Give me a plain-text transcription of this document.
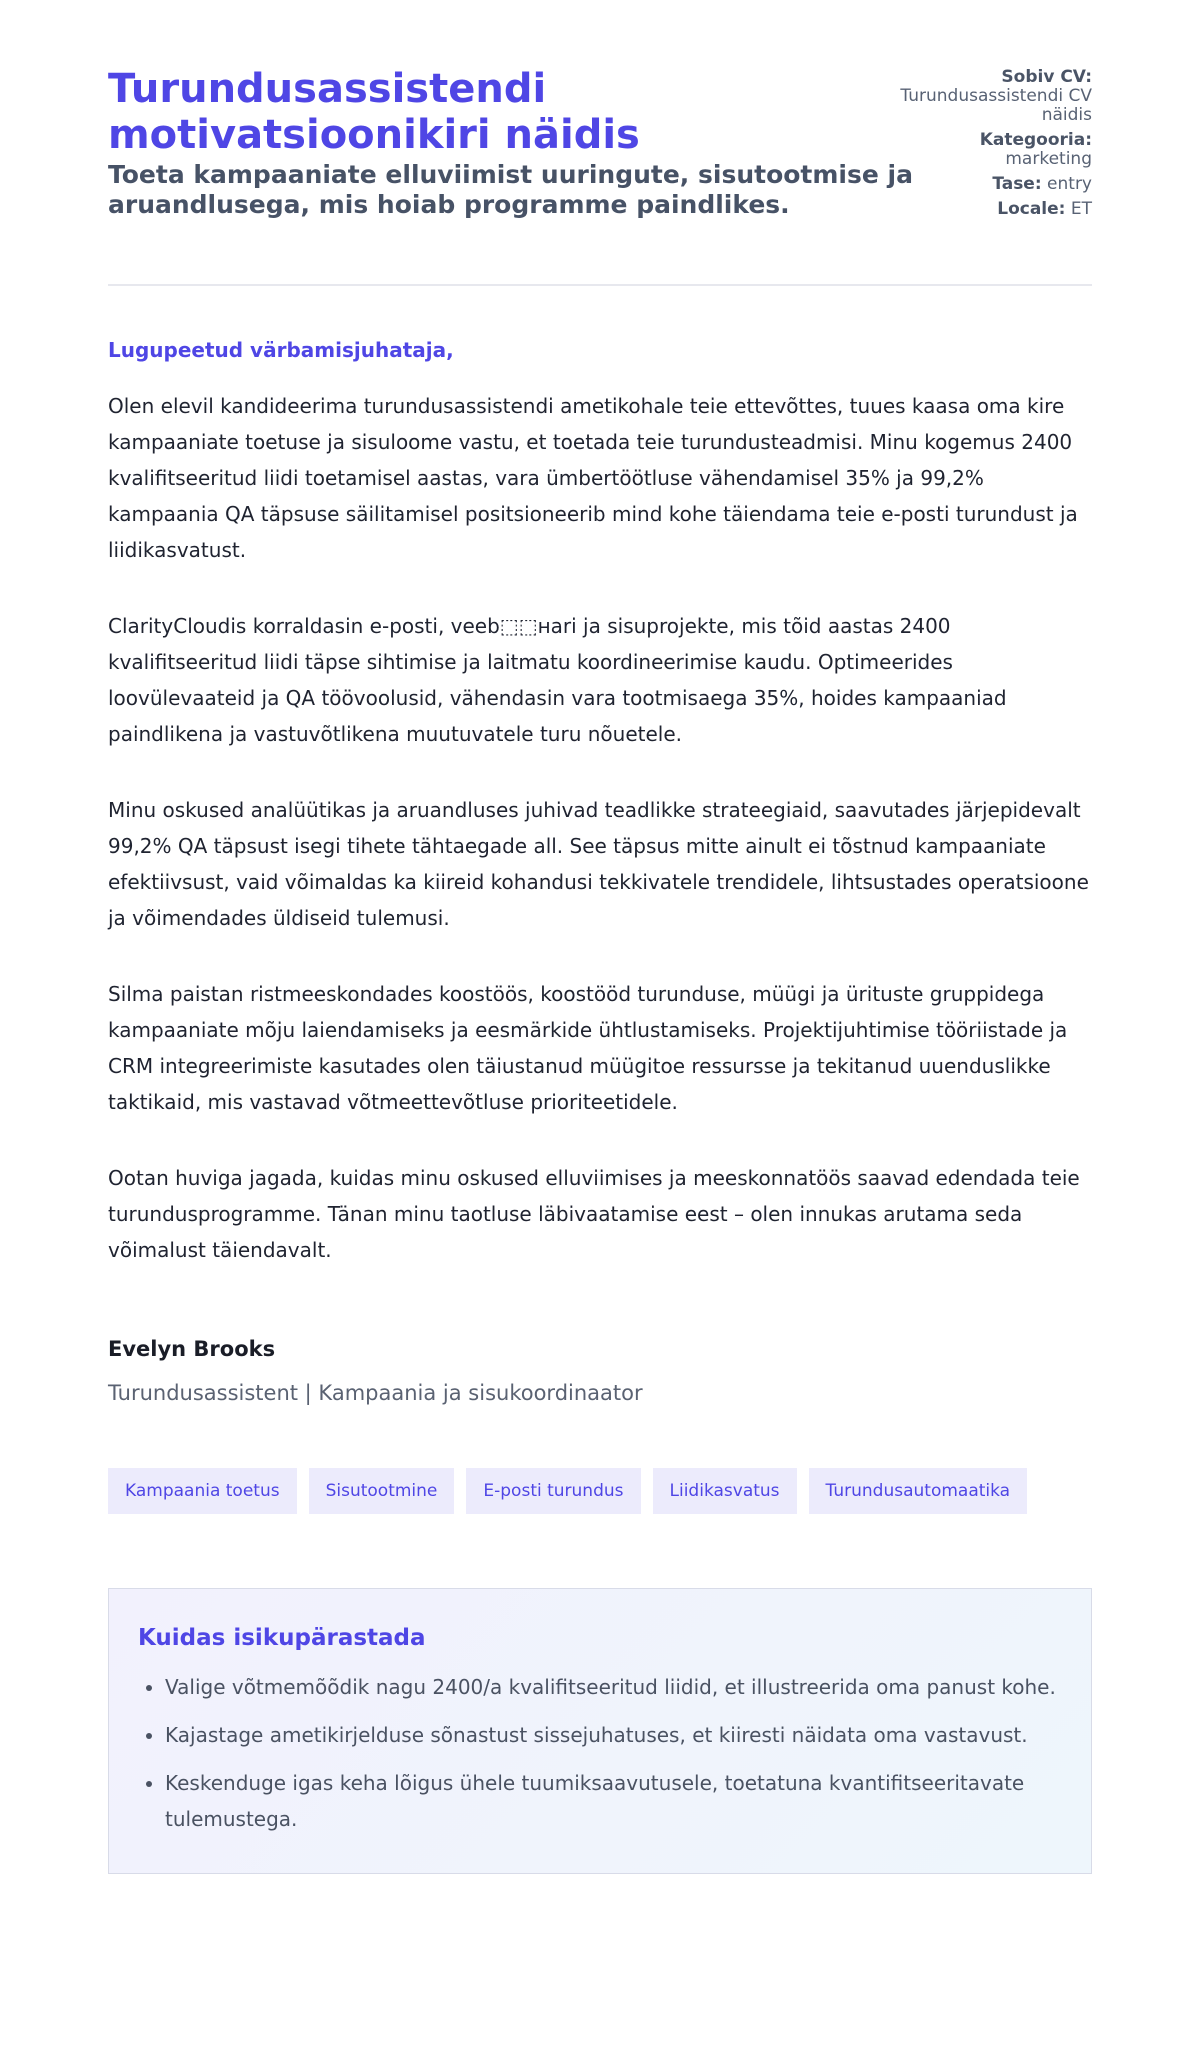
Turundusassistendi motivatsioonikiri näidis
Toeta kampaaniate elluviimist uuringute, sisutootmise ja aruandlusega, mis hoiab programme paindlikes.
Sobiv CV:
Turundusassistendi CV näidis
Kategooria:
marketing
Tase: entry
Locale: ET

Lugupeetud värbamisjuhataja,

Olen elevil kandideerima turundusassistendi ametikohale teie ettevõttes, tuues kaasa oma kire kampaaniate toetuse ja sisuloome vastu, et toetada teie turundusteadmisi. Minu kogemus 2400 kvalifitseeritud liidi toetamisel aastas, vara ümbertöötluse vähendamisel 35% ja 99,2% kampaania QA täpsuse säilitamisel positsioneerib mind kohe täiendama teie e-posti turundust ja liidikasvatust.

ClarityCloudis korraldasin e-posti, veeb⬚⬚нari ja sisuprojekte, mis tõid aastas 2400 kvalifitseeritud liidi täpse sihtimise ja laitmatu koordineerimise kaudu. Optimeerides loovülevaateid ja QA töövoolusid, vähendasin vara tootmisaega 35%, hoides kampaaniad paindlikena ja vastuvõtlikena muutuvatele turu nõuetele.

Minu oskused analüütikas ja aruandluses juhivad teadlikke strateegiaid, saavutades järjepidevalt 99,2% QA täpsust isegi tihete tähtaegade all. See täpsus mitte ainult ei tõstnud kampaaniate efektiivsust, vaid võimaldas ka kiireid kohandusi tekkivatele trendidele, lihtsustades operatsioone ja võimendades üldiseid tulemusi.

Silma paistan ristmeeskondades koostöös, koostööd turunduse, müügi ja ürituste gruppidega kampaaniate mõju laiendamiseks ja eesmärkide ühtlustamiseks. Projektijuhtimise tööriistade ja CRM integreerimiste kasutades olen täiustanud müügitoe ressurssе ja tekitanud uuenduslikke taktikaid, mis vastavad võtmeettevõtluse prioriteetidele.

Ootan huviga jagada, kuidas minu oskused elluviimises ja meeskonnatöös saavad edendada teie turundusprogramme. Tänan minu taotluse läbivaatamise eest – olen innukas arutama seda võimalust täiendavalt.

Evelyn Brooks

Turundusassistent | Kampaania ja sisukoordinaator

Kampaania toetus	Sisutootmine	E-posti turundus	Liidikasvatus	Turundusautomaatika
Kuidas isikupärastada
• Valige võtmemõõdik nagu 2400/a kvalifitseeritud liidid, et illustreerida oma panust kohe.
• Kajastage ametikirjelduse sõnastust sissejuhatuses, et kiiresti näidata oma vastavust.
• Keskenduge igas keha lõigus ühele tuumiksaavutusele, toetatuna kvantifitseeritavate tulemustega.
